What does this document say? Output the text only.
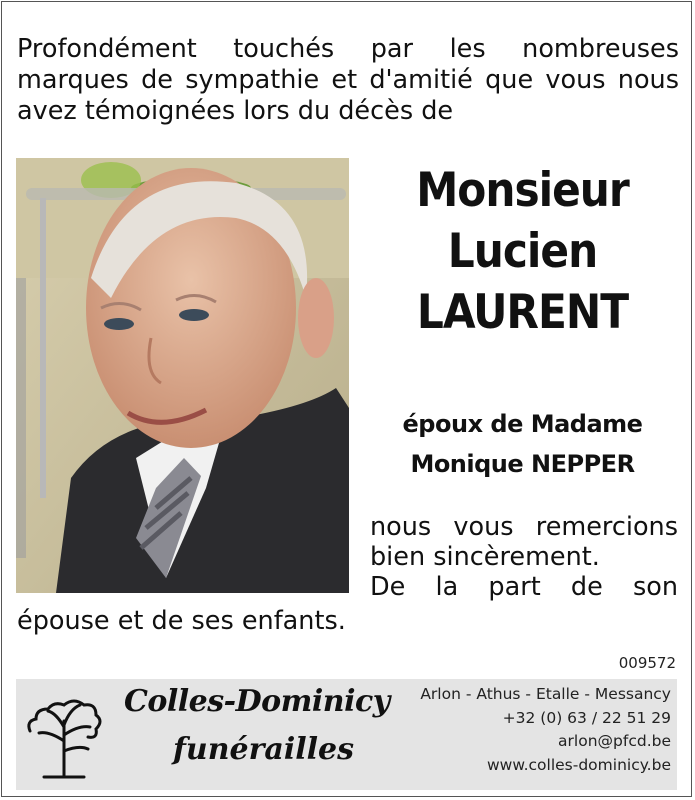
Profondément touchés par les nombreuses marques de sympathie et d'amitié que vous nous avez témoignées lors du décès de

Monsieur
Lucien
LAURENT
époux de Madame
Monique NEPPER
nous vous remercions
bien sincèrement.
De la part de son
épouse et de ses enfants.
009572
Colles-Dominicy
funérailles
Arlon - Athus - Etalle - Messancy
+32 (0) 63 / 22 51 29
arlon@pfcd.be
www.colles-dominicy.be
